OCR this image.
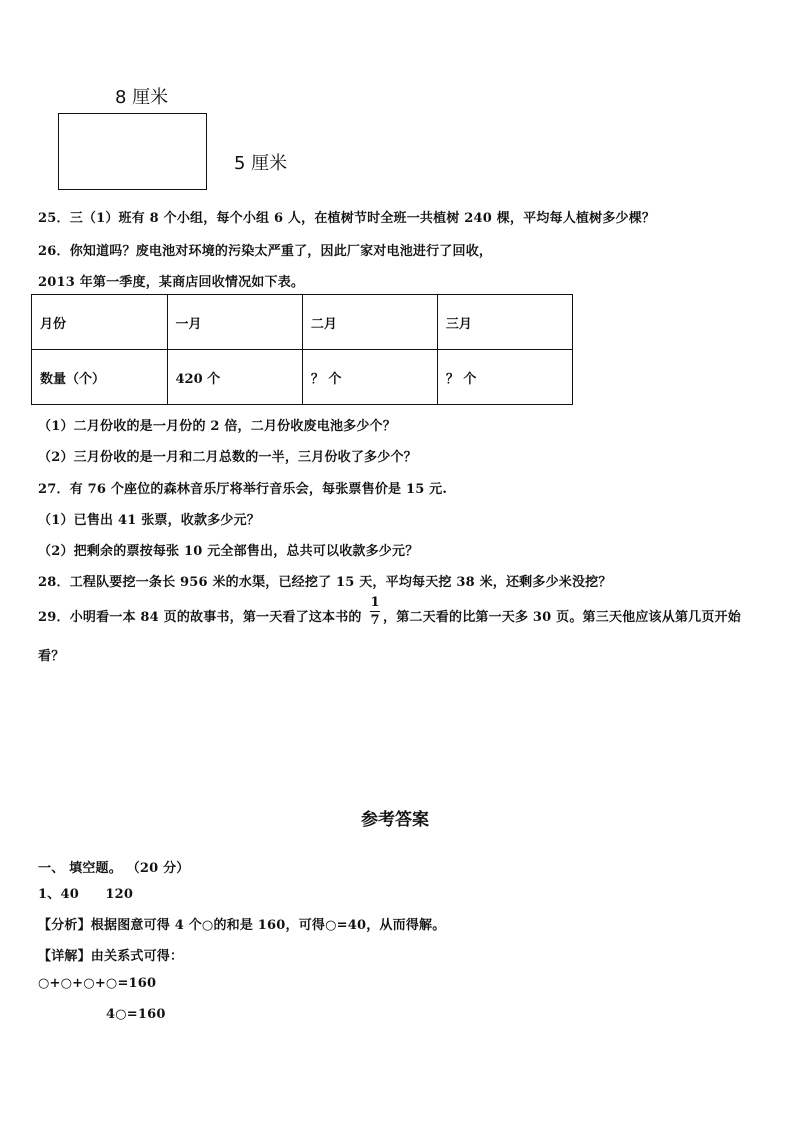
8 厘米
5 厘米
25．三（1）班有 8 个小组，每个小组 6 人，在植树节时全班一共植树 240 棵，平均每人植树多少棵？
26．你知道吗？废电池对环境的污染太严重了，因此厂家对电池进行了回收，
2013 年第一季度，某商店回收情况如下表。
月份	一月	二月	三月
数量（个）	420 个	？ 个	？ 个
（1）二月份收的是一月份的 2 倍，二月份收废电池多少个？
（2）三月份收的是一月和二月总数的一半，三月份收了多少个？
27．有 76 个座位的森林音乐厅将举行音乐会，每张票售价是 15 元.
（1）已售出 41 张票，收款多少元？
（2）把剩余的票按每张 10 元全部售出，总共可以收款多少元？
28．工程队要挖一条长 956 米的水渠，已经挖了 15 天，平均每天挖 38 米，还剩多少米没挖？
29．小明看一本 84 页的故事书，第一天看了这本书的
1
7 ，第二天看的比第一天多 30 页。第三天他应该从第几页开始
看？
参考答案
一、 填空题。 （20 分）
1、40　　120
【分析】根据图意可得 4 个○的和是 160，可得○=40，从而得解。
【详解】由关系式可得：
○+○+○+○=160
4○=160
